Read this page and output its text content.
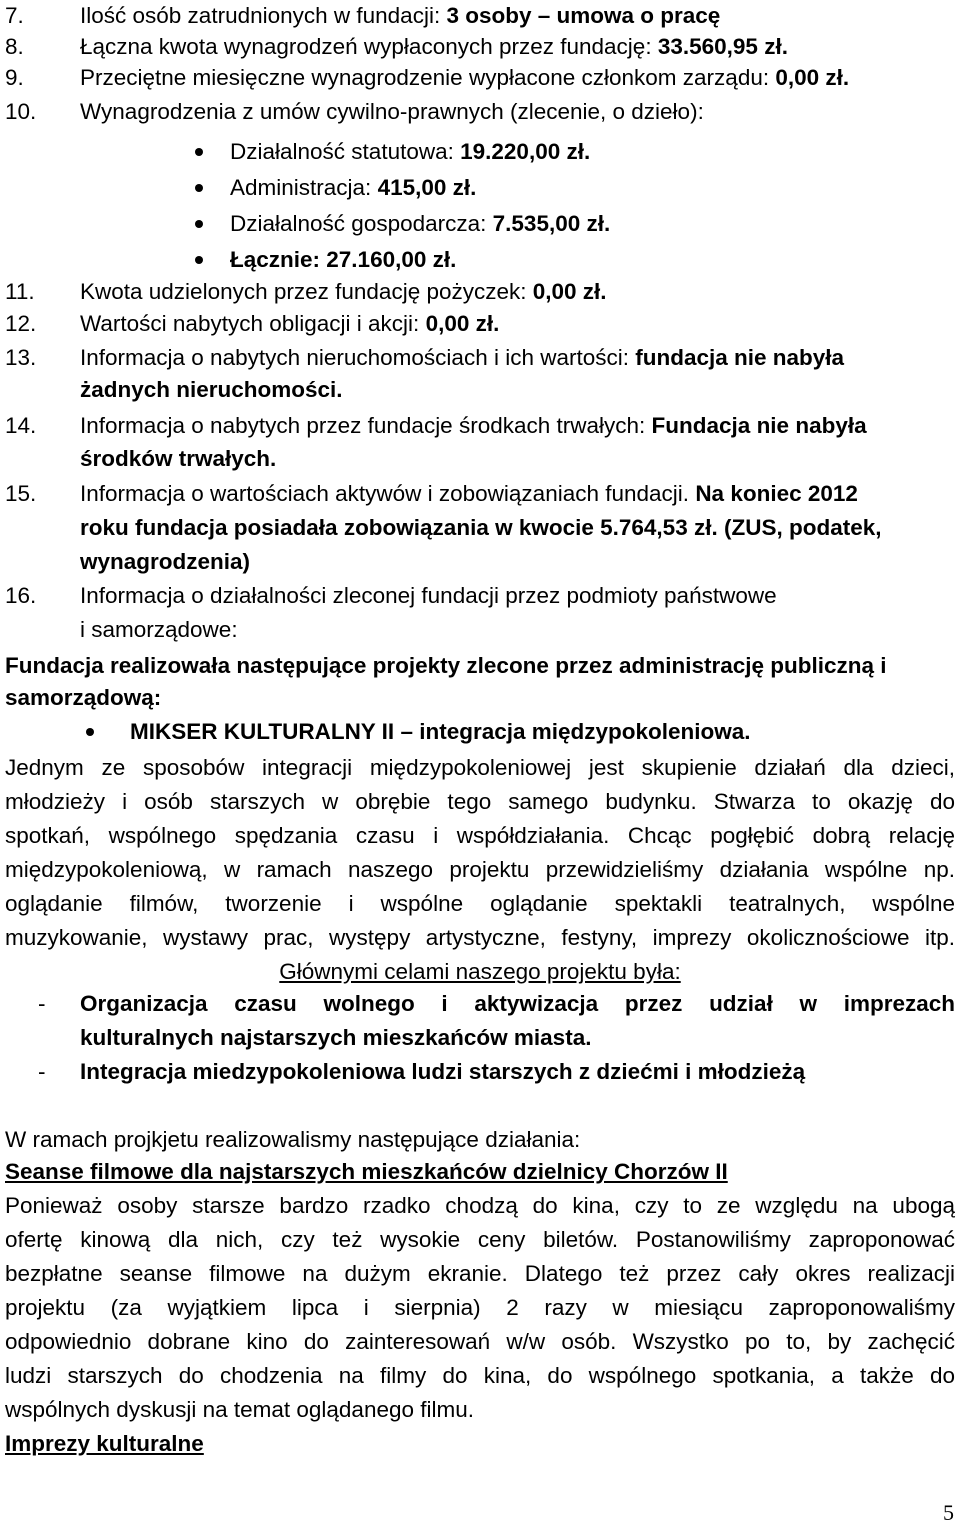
7. Ilość osób zatrudnionych w fundacji: 3 osoby – umowa o pracę
8. Łączna kwota wynagrodzeń wypłaconych przez fundację: 33.560,95 zł.
9. Przeciętne miesięczne wynagrodzenie wypłacone członkom zarządu: 0,00 zł.
10. Wynagrodzenia z umów cywilno-prawnych (zlecenie, o dzieło):
Działalność statutowa: 19.220,00 zł.
Administracja: 415,00 zł.
Działalność gospodarcza: 7.535,00 zł.
Łącznie: 27.160,00 zł.
11. Kwota udzielonych przez fundację pożyczek: 0,00 zł.
12. Wartości nabytych obligacji i akcji: 0,00 zł.
13. Informacja o nabytych nieruchomościach i ich wartości: fundacja nie nabyła
żadnych nieruchomości.
14. Informacja o nabytych przez fundacje środkach trwałych: Fundacja nie nabyła
środków trwałych.
15. Informacja o wartościach aktywów i zobowiązaniach fundacji. Na koniec 2012
roku fundacja posiadała zobowiązania w kwocie 5.764,53 zł. (ZUS, podatek,
wynagrodzenia)
16. Informacja o działalności zleconej fundacji przez podmioty państwowe
i samorządowe:
Fundacja realizowała następujące projekty zlecone przez administrację publiczną i
samorządową:
MIKSER KULTURALNY II – integracja międzypokoleniowa.
Jednym ze sposobów integracji międzypokoleniowej jest skupienie działań dla dzieci,
młodzieży i osób starszych w obrębie tego samego budynku. Stwarza to okazję do
spotkań, wspólnego spędzania czasu i współdziałania. Chcąc pogłębić dobrą relację
międzypokoleniową, w ramach naszego projektu przewidzieliśmy działania wspólne np.
oglądanie filmów, tworzenie i wspólne oglądanie spektakli teatralnych, wspólne
muzykowanie, wystawy prac, występy artystyczne, festyny, imprezy okolicznościowe itp.
Głównymi celami naszego projektu była:
- Organizacja czasu wolnego i aktywizacja przez udział w imprezach
kulturalnych najstarszych mieszkańców miasta.
- Integracja miedzypokoleniowa ludzi starszych z dziećmi i młodzieżą
W ramach projkjetu realizowalismy następujące działania:
Seanse filmowe dla najstarszych mieszkańców dzielnicy Chorzów II
Ponieważ osoby starsze bardzo rzadko chodzą do kina, czy to ze względu na ubogą
ofertę kinową dla nich, czy też wysokie ceny biletów. Postanowiliśmy zaproponować
bezpłatne seanse filmowe na dużym ekranie. Dlatego też przez cały okres realizacji
projektu (za wyjątkiem lipca i sierpnia) 2 razy w miesiącu zaproponowaliśmy
odpowiednio dobrane kino do zainteresowań w/w osób. Wszystko po to, by zachęcić
ludzi starszych do chodzenia na filmy do kina, do wspólnego spotkania, a także do
wspólnych dyskusji na temat oglądanego filmu.
Imprezy kulturalne
5
